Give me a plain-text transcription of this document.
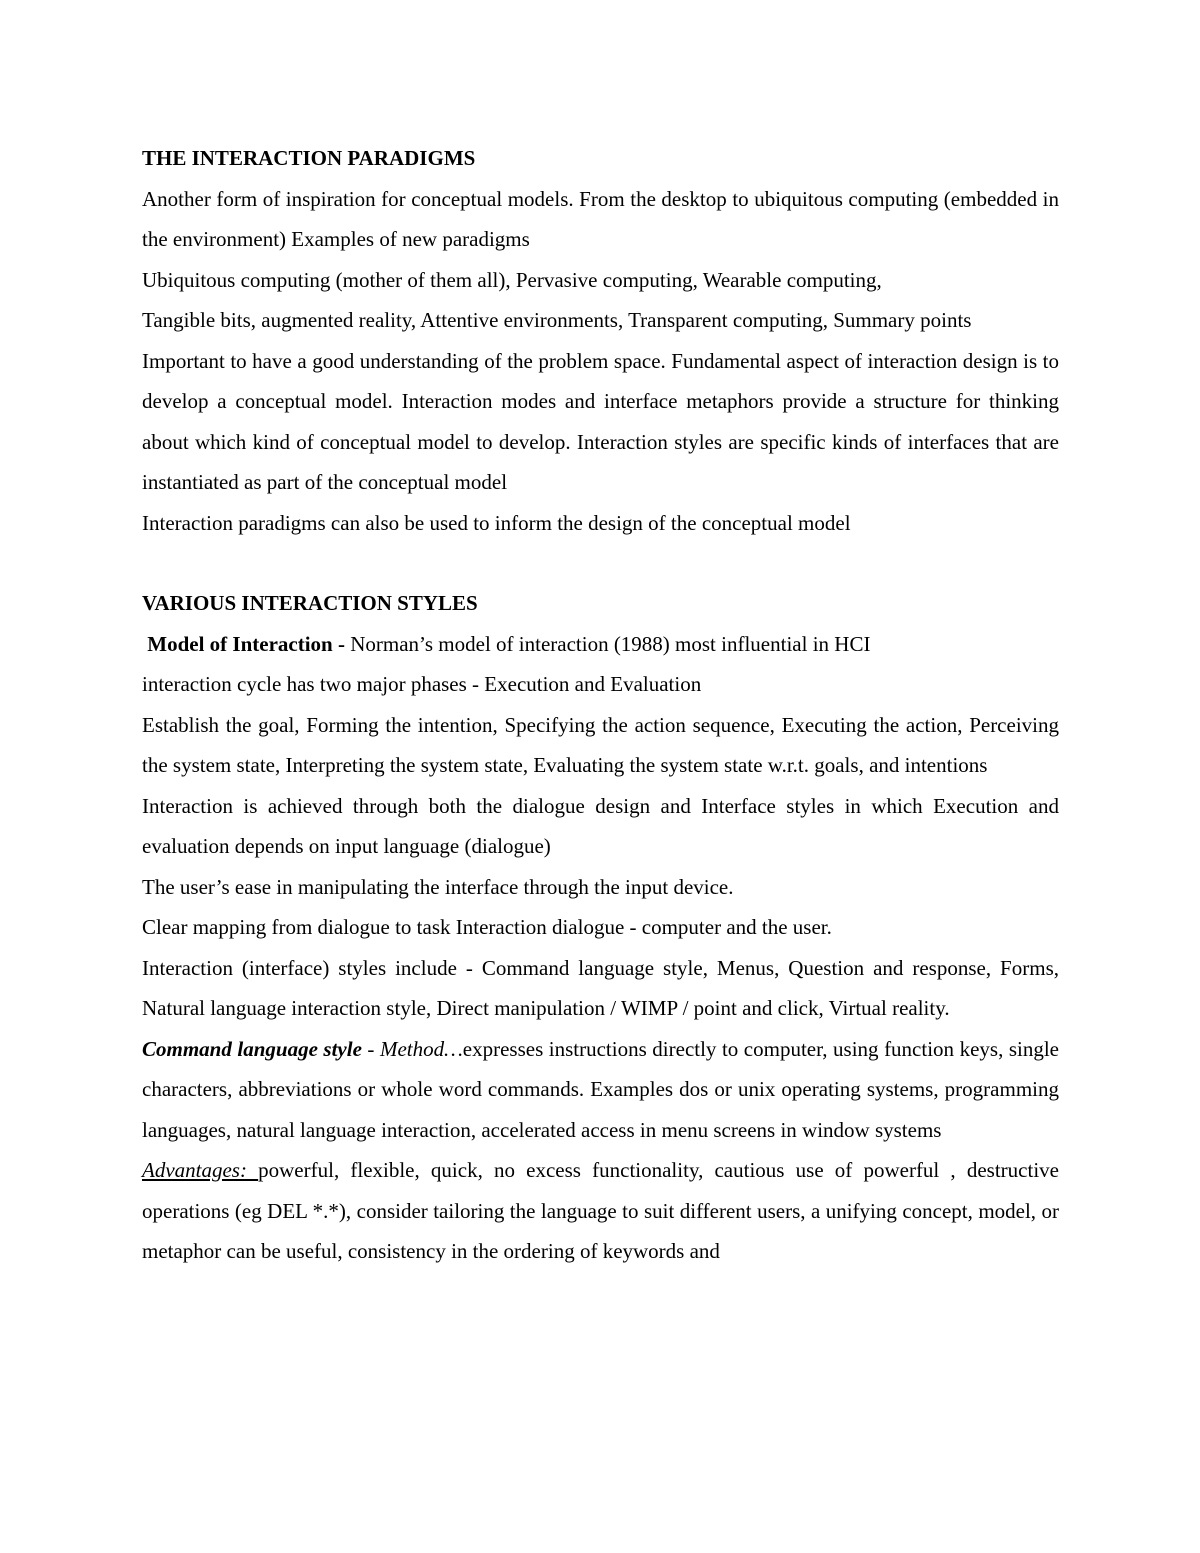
THE INTERACTION PARADIGMS

Another form of inspiration for conceptual models. From the desktop to ubiquitous computing (embedded in the environment) Examples of new paradigms

Ubiquitous computing (mother of them all), Pervasive computing, Wearable computing,

Tangible bits, augmented reality, Attentive environments, Transparent computing, Summary points

Important to have a good understanding of the problem space. Fundamental aspect of interaction design is to develop a conceptual model. Interaction modes and interface metaphors provide a structure for thinking about which kind of conceptual model to develop. Interaction styles are specific kinds of interfaces that are instantiated as part of the conceptual model

Interaction paradigms can also be used to inform the design of the conceptual model

VARIOUS INTERACTION STYLES

Model of Interaction - Norman’s model of interaction (1988) most influential in HCI

interaction cycle has two major phases - Execution and Evaluation

Establish the goal, Forming the intention, Specifying the action sequence, Executing the action, Perceiving the system state, Interpreting the system state, Evaluating the system state w.r.t. goals, and intentions

Interaction is achieved through both the dialogue design and Interface styles in which Execution and evaluation depends on input language (dialogue)

The user’s ease in manipulating the interface through the input device.

Clear mapping from dialogue to task Interaction dialogue - computer and the user.

Interaction (interface) styles include - Command language style, Menus, Question and response, Forms, Natural language interaction style, Direct manipulation / WIMP / point and click, Virtual reality.

Command language style - Method…expresses instructions directly to computer, using function keys, single characters, abbreviations or whole word commands. Examples dos or unix operating systems, programming languages, natural language interaction, accelerated access in menu screens in window systems

Advantages: powerful, flexible, quick, no excess functionality, cautious use of powerful , destructive operations (eg DEL *.*), consider tailoring the language to suit different users, a unifying concept, model, or metaphor can be useful, consistency in the ordering of keywords and
